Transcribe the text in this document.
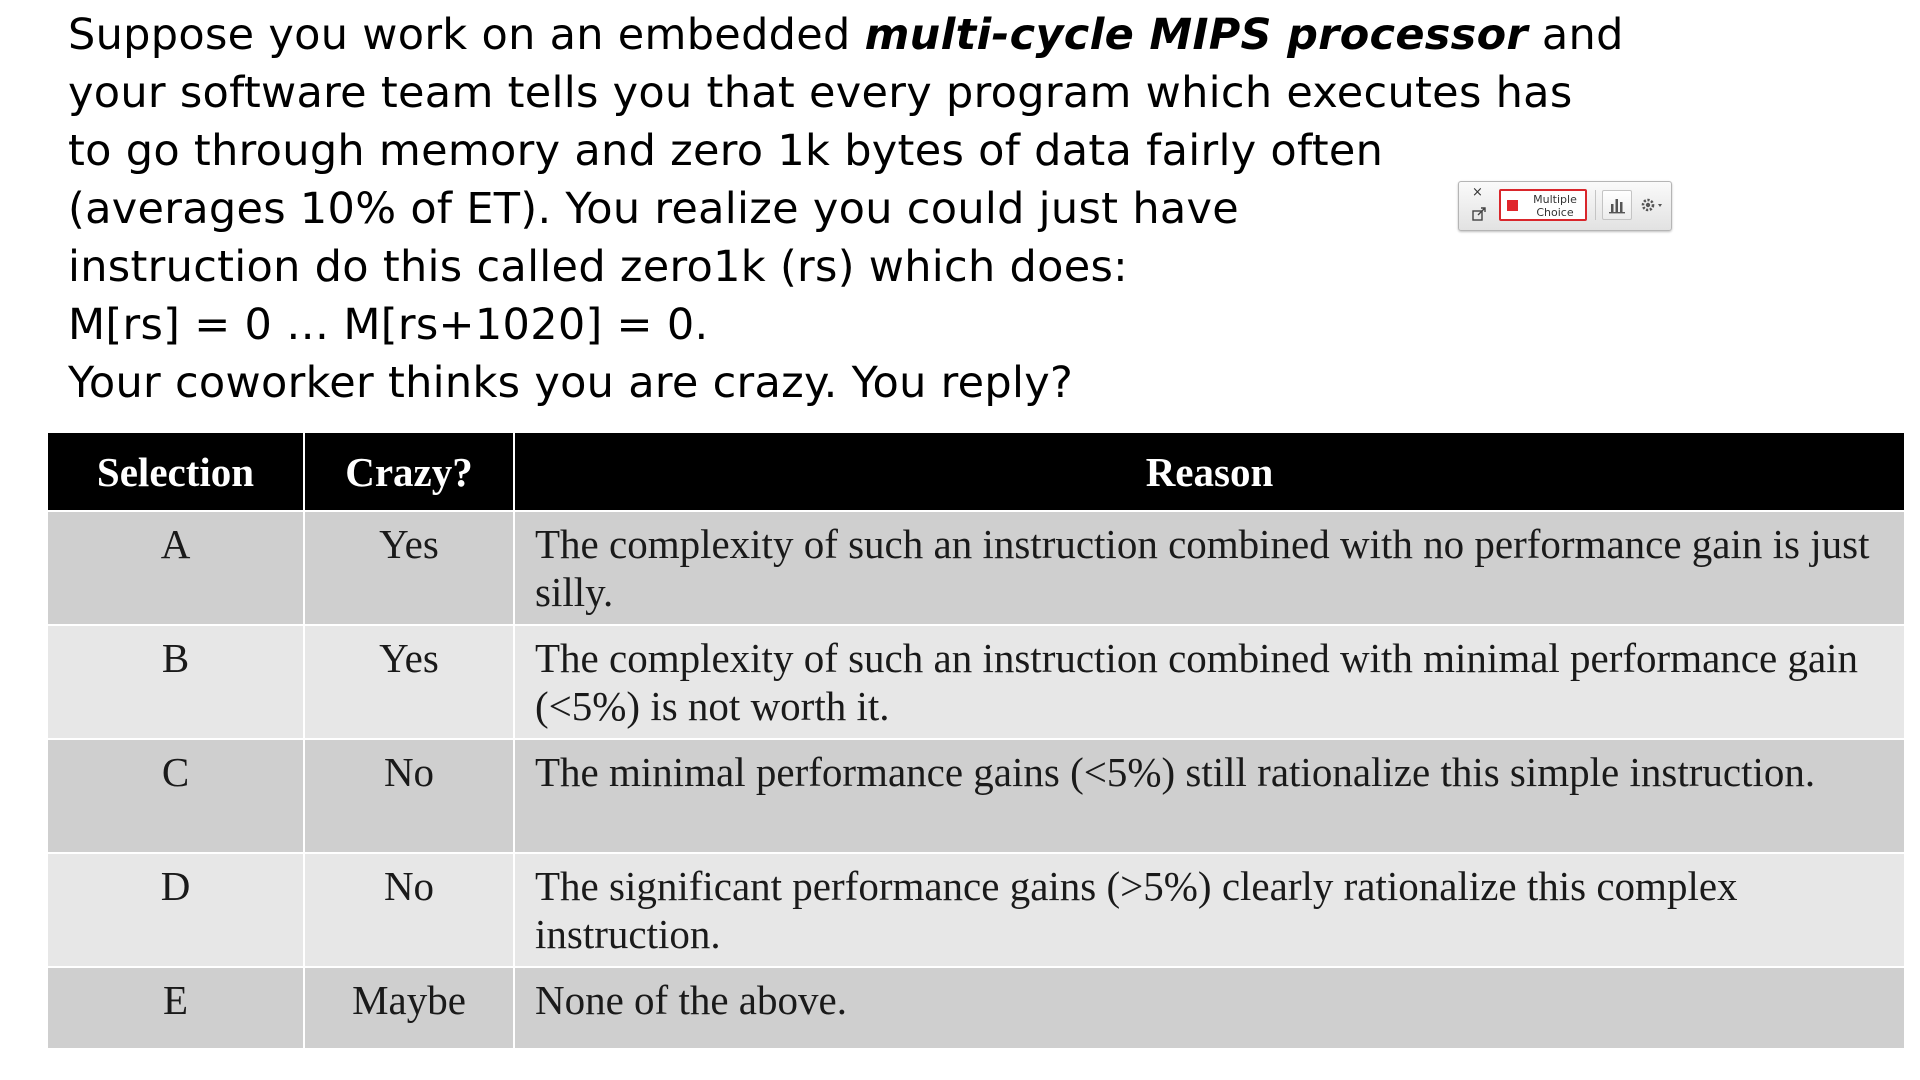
Suppose you work on an embedded multi-cycle MIPS processor and
your software team tells you that every program which executes has
to go through memory and zero 1k bytes of data fairly often
(averages 10% of ET). You realize you could just have
instruction do this called zero1k (rs) which does:
M[rs] = 0 … M[rs+1020] = 0.
Your coworker thinks you are crazy. You reply?
×	Multiple Choice
Selection	Crazy?	Reason
A	Yes	The complexity of such an instruction combined with no performance gain is just silly.
B	Yes	The complexity of such an instruction combined with minimal performance gain (<5%) is not worth it.
C	No	The minimal performance gains (<5%) still rationalize this simple instruction.
D	No	The significant performance gains (>5%) clearly rationalize this complex instruction.
E	Maybe	None of the above.
